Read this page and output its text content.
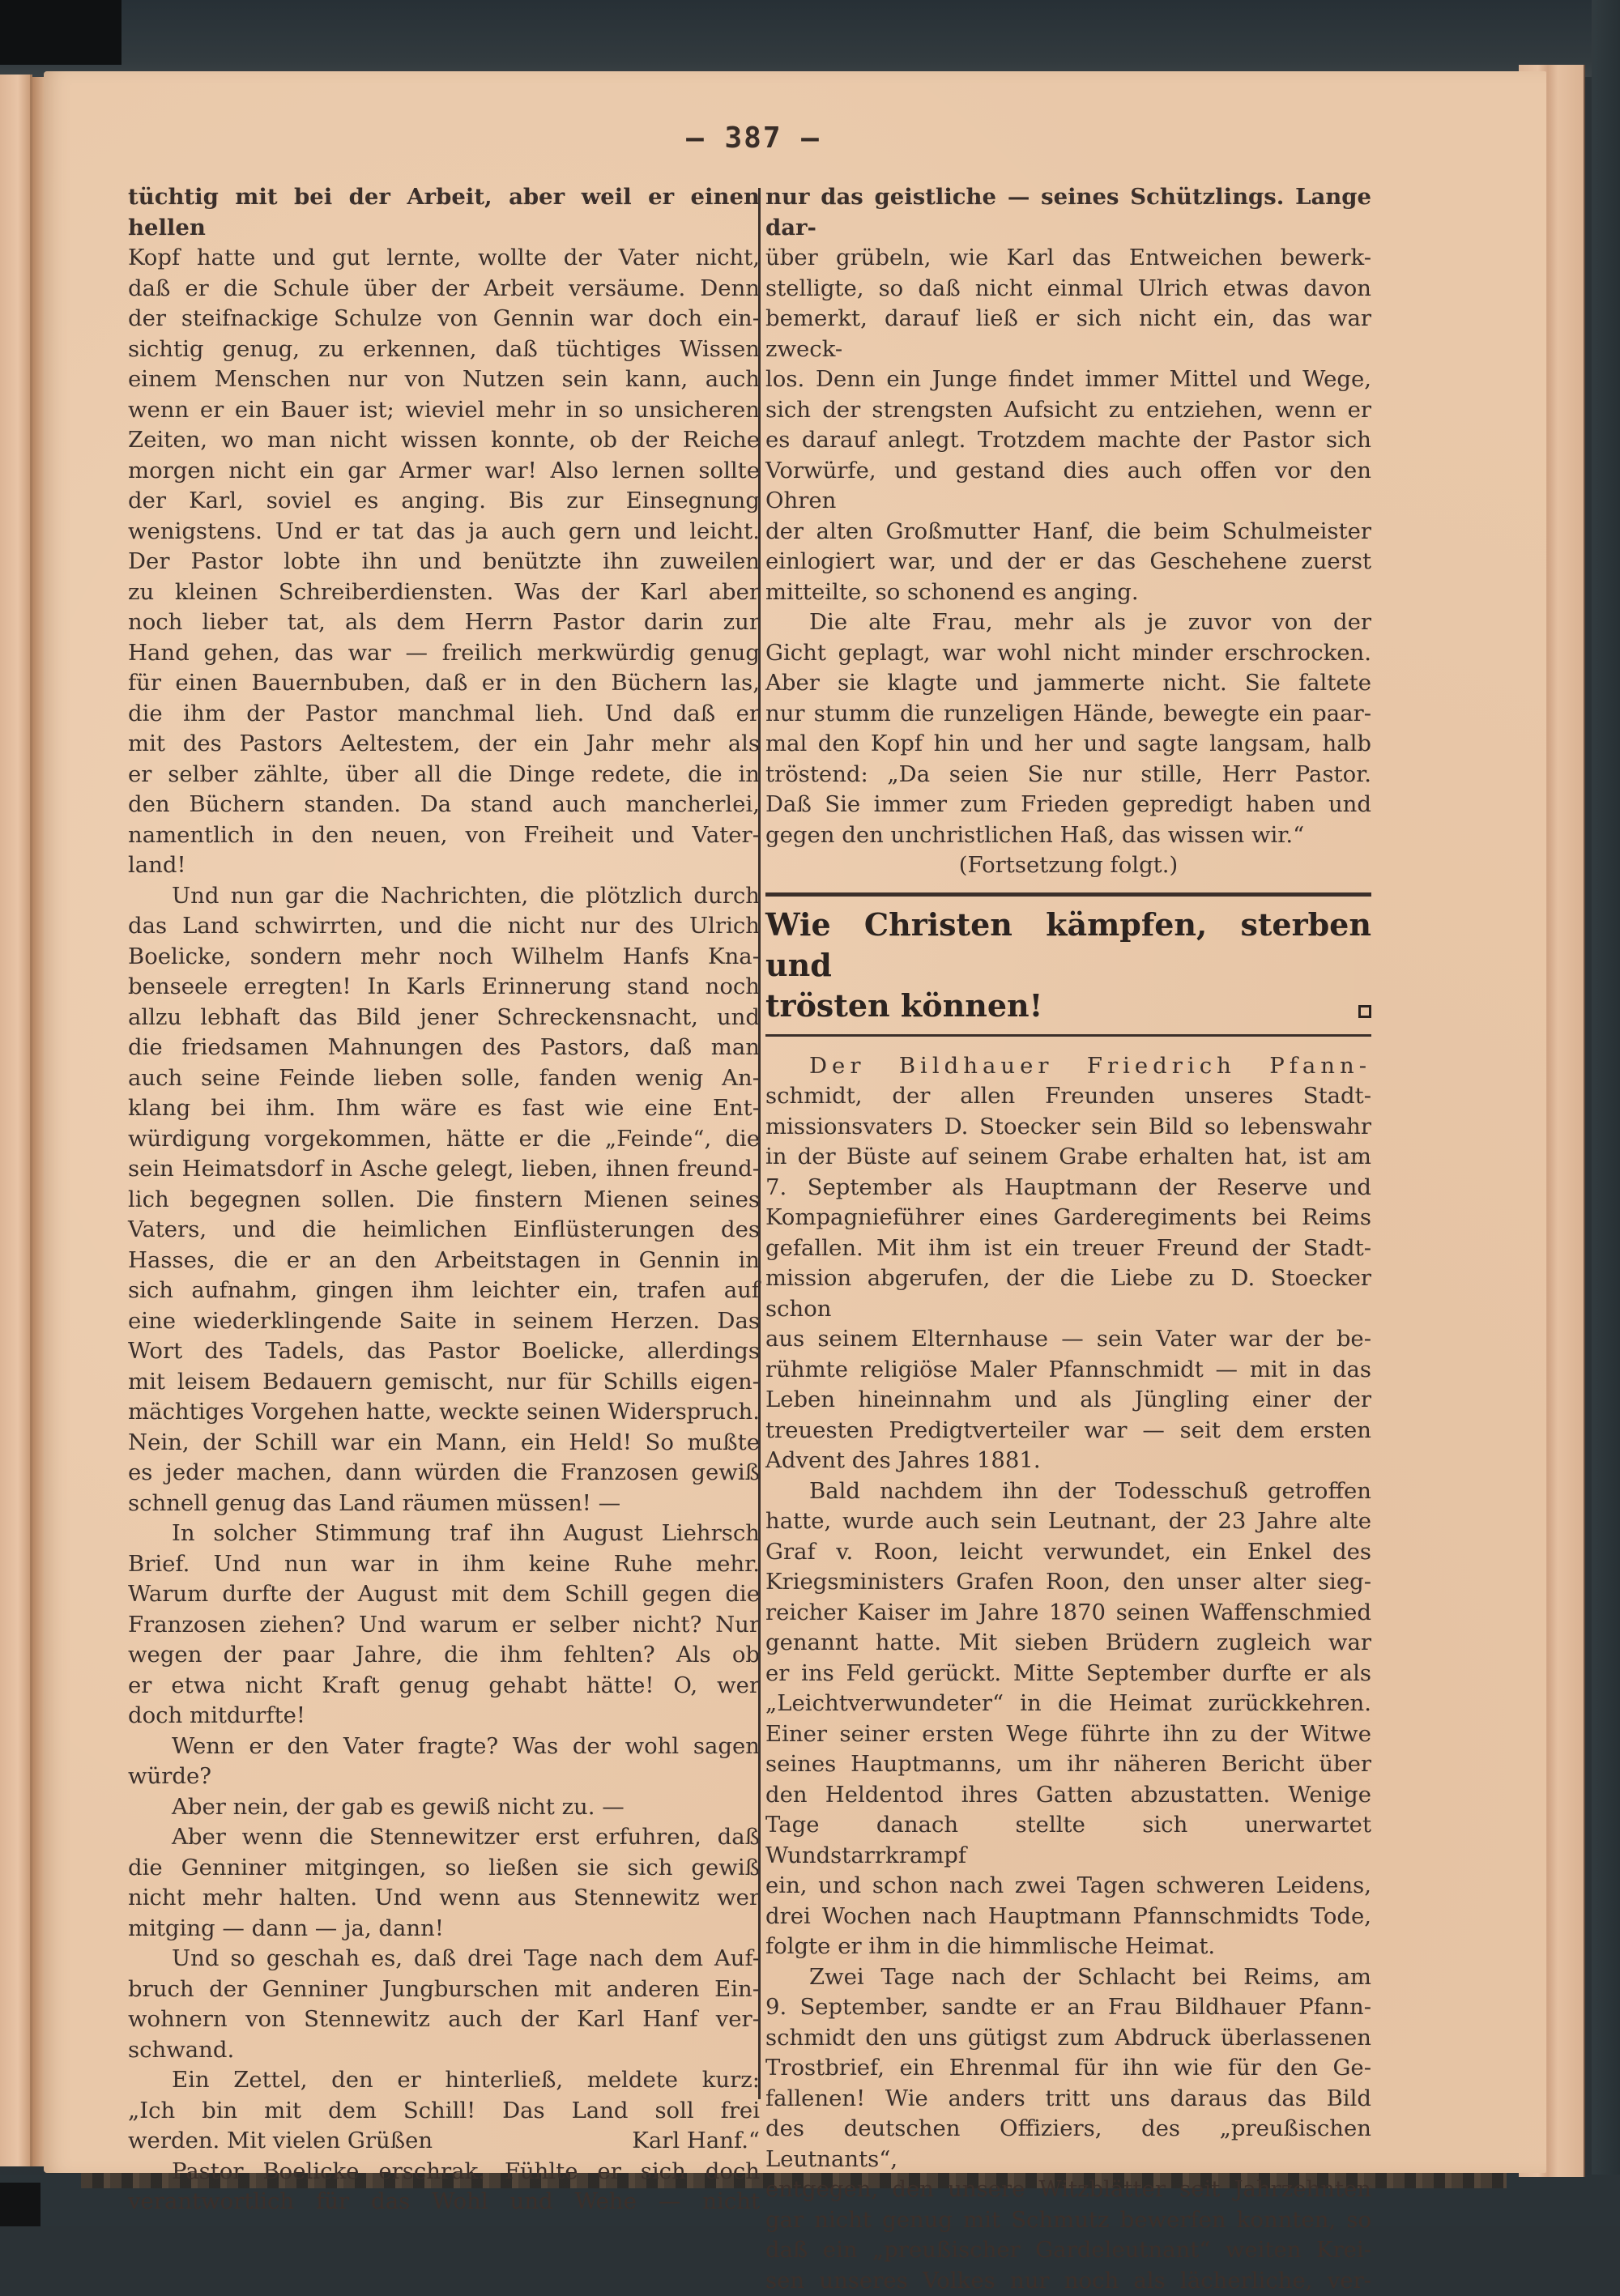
— 387 —

tüchtig mit bei der Arbeit, aber weil er einen hellen

Kopf hatte und gut lernte, wollte der Vater nicht,

daß er die Schule über der Arbeit versäume. Denn

der steifnackige Schulze von Gennin war doch ein-

sichtig genug, zu erkennen, daß tüchtiges Wissen

einem Menschen nur von Nutzen sein kann, auch

wenn er ein Bauer ist; wieviel mehr in so unsicheren

Zeiten, wo man nicht wissen konnte, ob der Reiche

morgen nicht ein gar Armer war! Also lernen sollte

der Karl, soviel es anging. Bis zur Einsegnung

wenigstens. Und er tat das ja auch gern und leicht.

Der Pastor lobte ihn und benützte ihn zuweilen

zu kleinen Schreiberdiensten. Was der Karl aber

noch lieber tat, als dem Herrn Pastor darin zur

Hand gehen, das war — freilich merkwürdig genug

für einen Bauernbuben, daß er in den Büchern las,

die ihm der Pastor manchmal lieh. Und daß er

mit des Pastors Aeltestem, der ein Jahr mehr als

er selber zählte, über all die Dinge redete, die in

den Büchern standen. Da stand auch mancherlei,

namentlich in den neuen, von Freiheit und Vater-

land!

Und nun gar die Nachrichten, die plötzlich durch

das Land schwirrten, und die nicht nur des Ulrich

Boelicke, sondern mehr noch Wilhelm Hanfs Kna-

benseele erregten! In Karls Erinnerung stand noch

allzu lebhaft das Bild jener Schreckensnacht, und

die friedsamen Mahnungen des Pastors, daß man

auch seine Feinde lieben solle, fanden wenig An-

klang bei ihm. Ihm wäre es fast wie eine Ent-

würdigung vorgekommen, hätte er die „Feinde“, die

sein Heimatsdorf in Asche gelegt, lieben, ihnen freund-

lich begegnen sollen. Die finstern Mienen seines

Vaters, und die heimlichen Einflüsterungen des

Hasses, die er an den Arbeitstagen in Gennin in

sich aufnahm, gingen ihm leichter ein, trafen auf

eine wiederklingende Saite in seinem Herzen. Das

Wort des Tadels, das Pastor Boelicke, allerdings

mit leisem Bedauern gemischt, nur für Schills eigen-

mächtiges Vorgehen hatte, weckte seinen Widerspruch.

Nein, der Schill war ein Mann, ein Held! So mußte

es jeder machen, dann würden die Franzosen gewiß

schnell genug das Land räumen müssen! —

In solcher Stimmung traf ihn August Liehrsch

Brief. Und nun war in ihm keine Ruhe mehr.

Warum durfte der August mit dem Schill gegen die

Franzosen ziehen? Und warum er selber nicht? Nur

wegen der paar Jahre, die ihm fehlten? Als ob

er etwa nicht Kraft genug gehabt hätte! O, wer

doch mitdurfte!

Wenn er den Vater fragte? Was der wohl sagen

würde?

Aber nein, der gab es gewiß nicht zu. —

Aber wenn die Stennewitzer erst erfuhren, daß

die Genniner mitgingen, so ließen sie sich gewiß

nicht mehr halten. Und wenn aus Stennewitz wer

mitging — dann — ja, dann!

Und so geschah es, daß drei Tage nach dem Auf-

bruch der Genniner Jungburschen mit anderen Ein-

wohnern von Stennewitz auch der Karl Hanf ver-

schwand.

Ein Zettel, den er hinterließ, meldete kurz:

„Ich bin mit dem Schill! Das Land soll frei

werden. Mit vielen Grüßen	Karl Hanf.“

Pastor Boelicke erschrak. Fühlte er sich doch

verantwortlich für das Wohl und Wehe — nicht

nur das geistliche — seines Schützlings. Lange dar-

über grübeln, wie Karl das Entweichen bewerk-

stelligte, so daß nicht einmal Ulrich etwas davon

bemerkt, darauf ließ er sich nicht ein, das war zweck-

los. Denn ein Junge findet immer Mittel und Wege,

sich der strengsten Aufsicht zu entziehen, wenn er

es darauf anlegt. Trotzdem machte der Pastor sich

Vorwürfe, und gestand dies auch offen vor den Ohren

der alten Großmutter Hanf, die beim Schulmeister

einlogiert war, und der er das Geschehene zuerst

mitteilte, so schonend es anging.

Die alte Frau, mehr als je zuvor von der

Gicht geplagt, war wohl nicht minder erschrocken.

Aber sie klagte und jammerte nicht. Sie faltete

nur stumm die runzeligen Hände, bewegte ein paar-

mal den Kopf hin und her und sagte langsam, halb

tröstend: „Da seien Sie nur stille, Herr Pastor.

Daß Sie immer zum Frieden gepredigt haben und

gegen den unchristlichen Haß, das wissen wir.“

(Fortsetzung folgt.)

Wie Christen kämpfen, sterben und
trösten können!

Der Bildhauer Friedrich Pfann-

schmidt, der allen Freunden unseres Stadt-

missionsvaters D. Stoecker sein Bild so lebenswahr

in der Büste auf seinem Grabe erhalten hat, ist am

7. September als Hauptmann der Reserve und

Kompagnieführer eines Garderegiments bei Reims

gefallen. Mit ihm ist ein treuer Freund der Stadt-

mission abgerufen, der die Liebe zu D. Stoecker schon

aus seinem Elternhause — sein Vater war der be-

rühmte religiöse Maler Pfannschmidt — mit in das

Leben hineinnahm und als Jüngling einer der

treuesten Predigtverteiler war — seit dem ersten

Advent des Jahres 1881.

Bald nachdem ihn der Todesschuß getroffen

hatte, wurde auch sein Leutnant, der 23 Jahre alte

Graf v. Roon, leicht verwundet, ein Enkel des

Kriegsministers Grafen Roon, den unser alter sieg-

reicher Kaiser im Jahre 1870 seinen Waffenschmied

genannt hatte. Mit sieben Brüdern zugleich war

er ins Feld gerückt. Mitte September durfte er als

„Leichtverwundeter“ in die Heimat zurückkehren.

Einer seiner ersten Wege führte ihn zu der Witwe

seines Hauptmanns, um ihr näheren Bericht über

den Heldentod ihres Gatten abzustatten. Wenige

Tage danach stellte sich unerwartet Wundstarrkrampf

ein, und schon nach zwei Tagen schweren Leidens,

drei Wochen nach Hauptmann Pfannschmidts Tode,

folgte er ihm in die himmlische Heimat.

Zwei Tage nach der Schlacht bei Reims, am

9. September, sandte er an Frau Bildhauer Pfann-

schmidt den uns gütigst zum Abdruck überlassenen

Trostbrief, ein Ehrenmal für ihn wie für den Ge-

fallenen! Wie anders tritt uns daraus das Bild

des deutschen Offiziers, des „preußischen Leutnants“,

entgegen, den unsere Witzblätter seit Jahrzehnten

gar nicht genug mit Schmutz bewerfen konnten, so

daß ein „preußischer Gardeleutnant“ weiten Krei-

sen unseres Volkes nur noch als lächerliche, ver-
